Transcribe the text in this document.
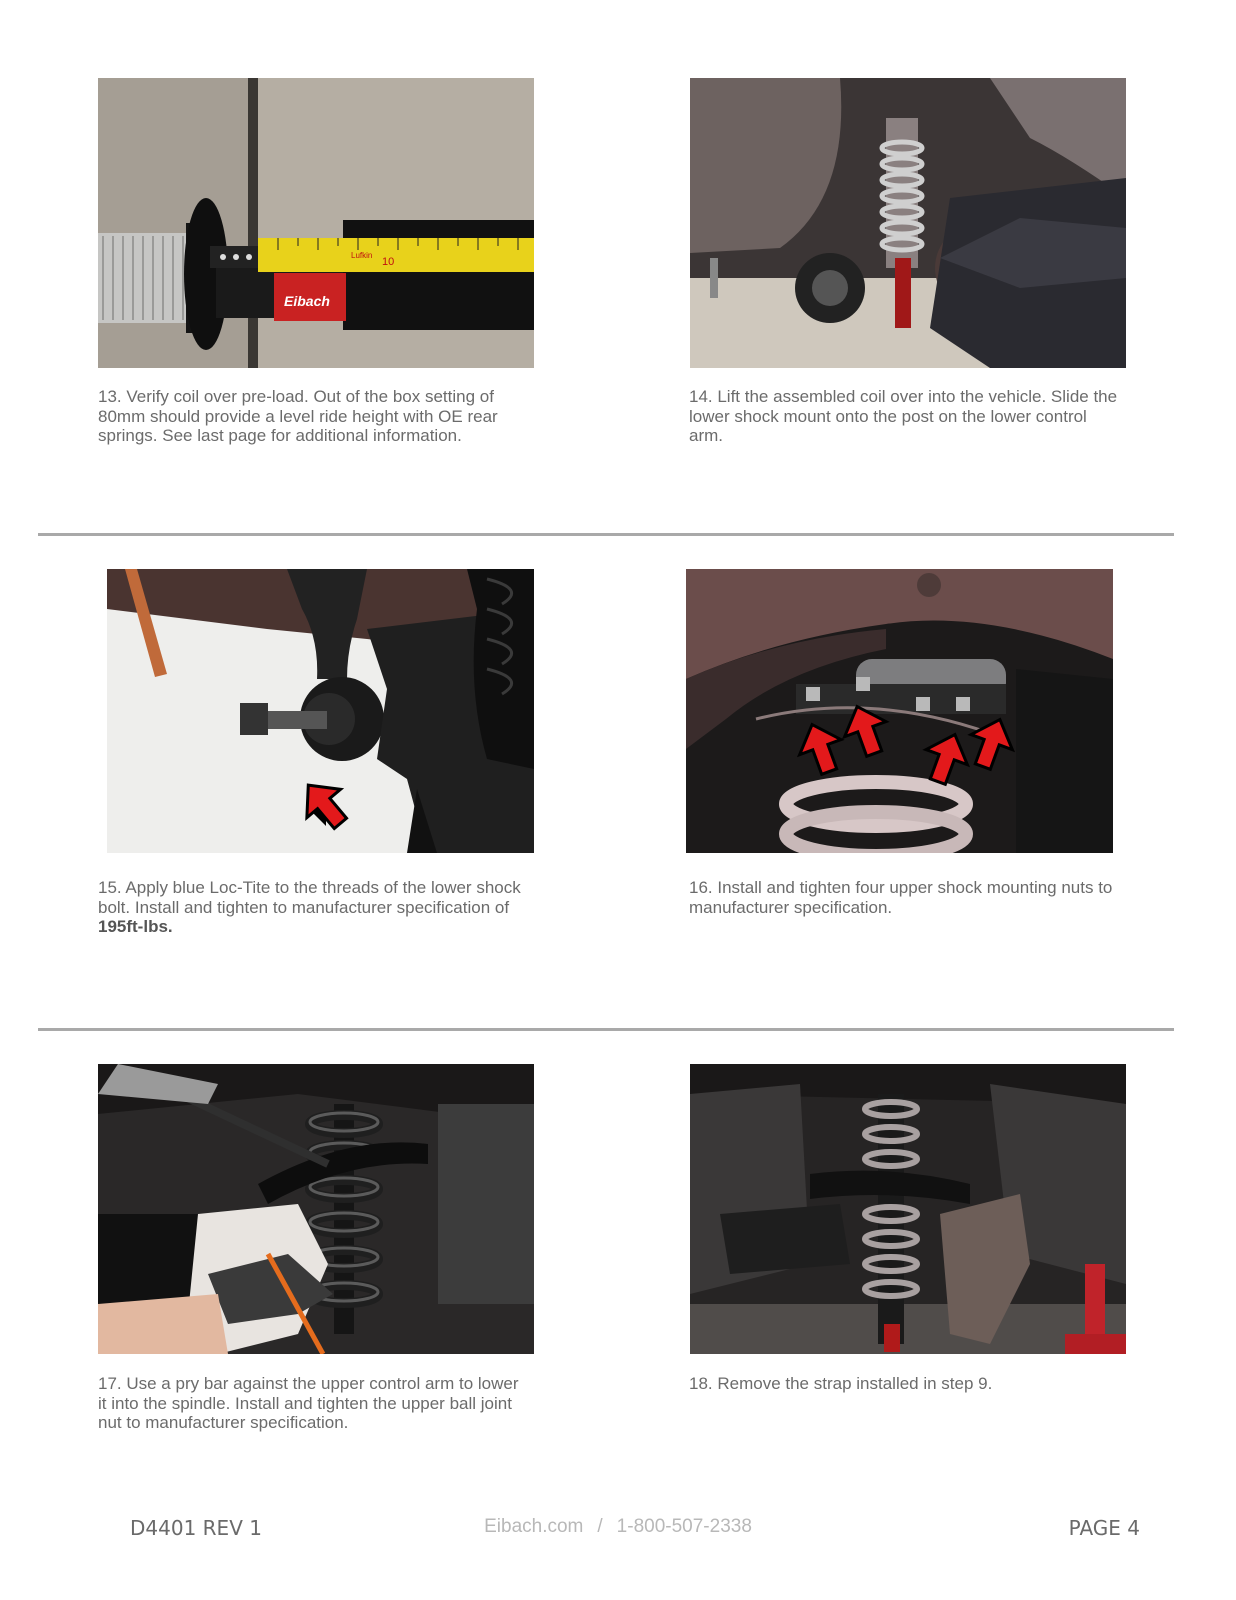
Eibach
Lufkin
10
13. Verify coil over pre-load. Out of the box setting of 80mm should provide a level ride height with OE rear springs. See last page for additional information.
14. Lift the assembled coil over into the vehicle. Slide the lower shock mount onto the post on the lower control arm.
15. Apply blue Loc-Tite to the threads of the lower shock bolt. Install and tighten to manufacturer specification of 195ft-lbs.
16. Install and tighten four upper shock mounting nuts to manufacturer specification.
17. Use a pry bar against the upper control arm to lower it into the spindle. Install and tighten the upper ball joint nut to manufacturer specification.
18. Remove the strap installed in step 9.
D4401 REV 1	Eibach.com / 1-800-507-2338	PAGE 4
